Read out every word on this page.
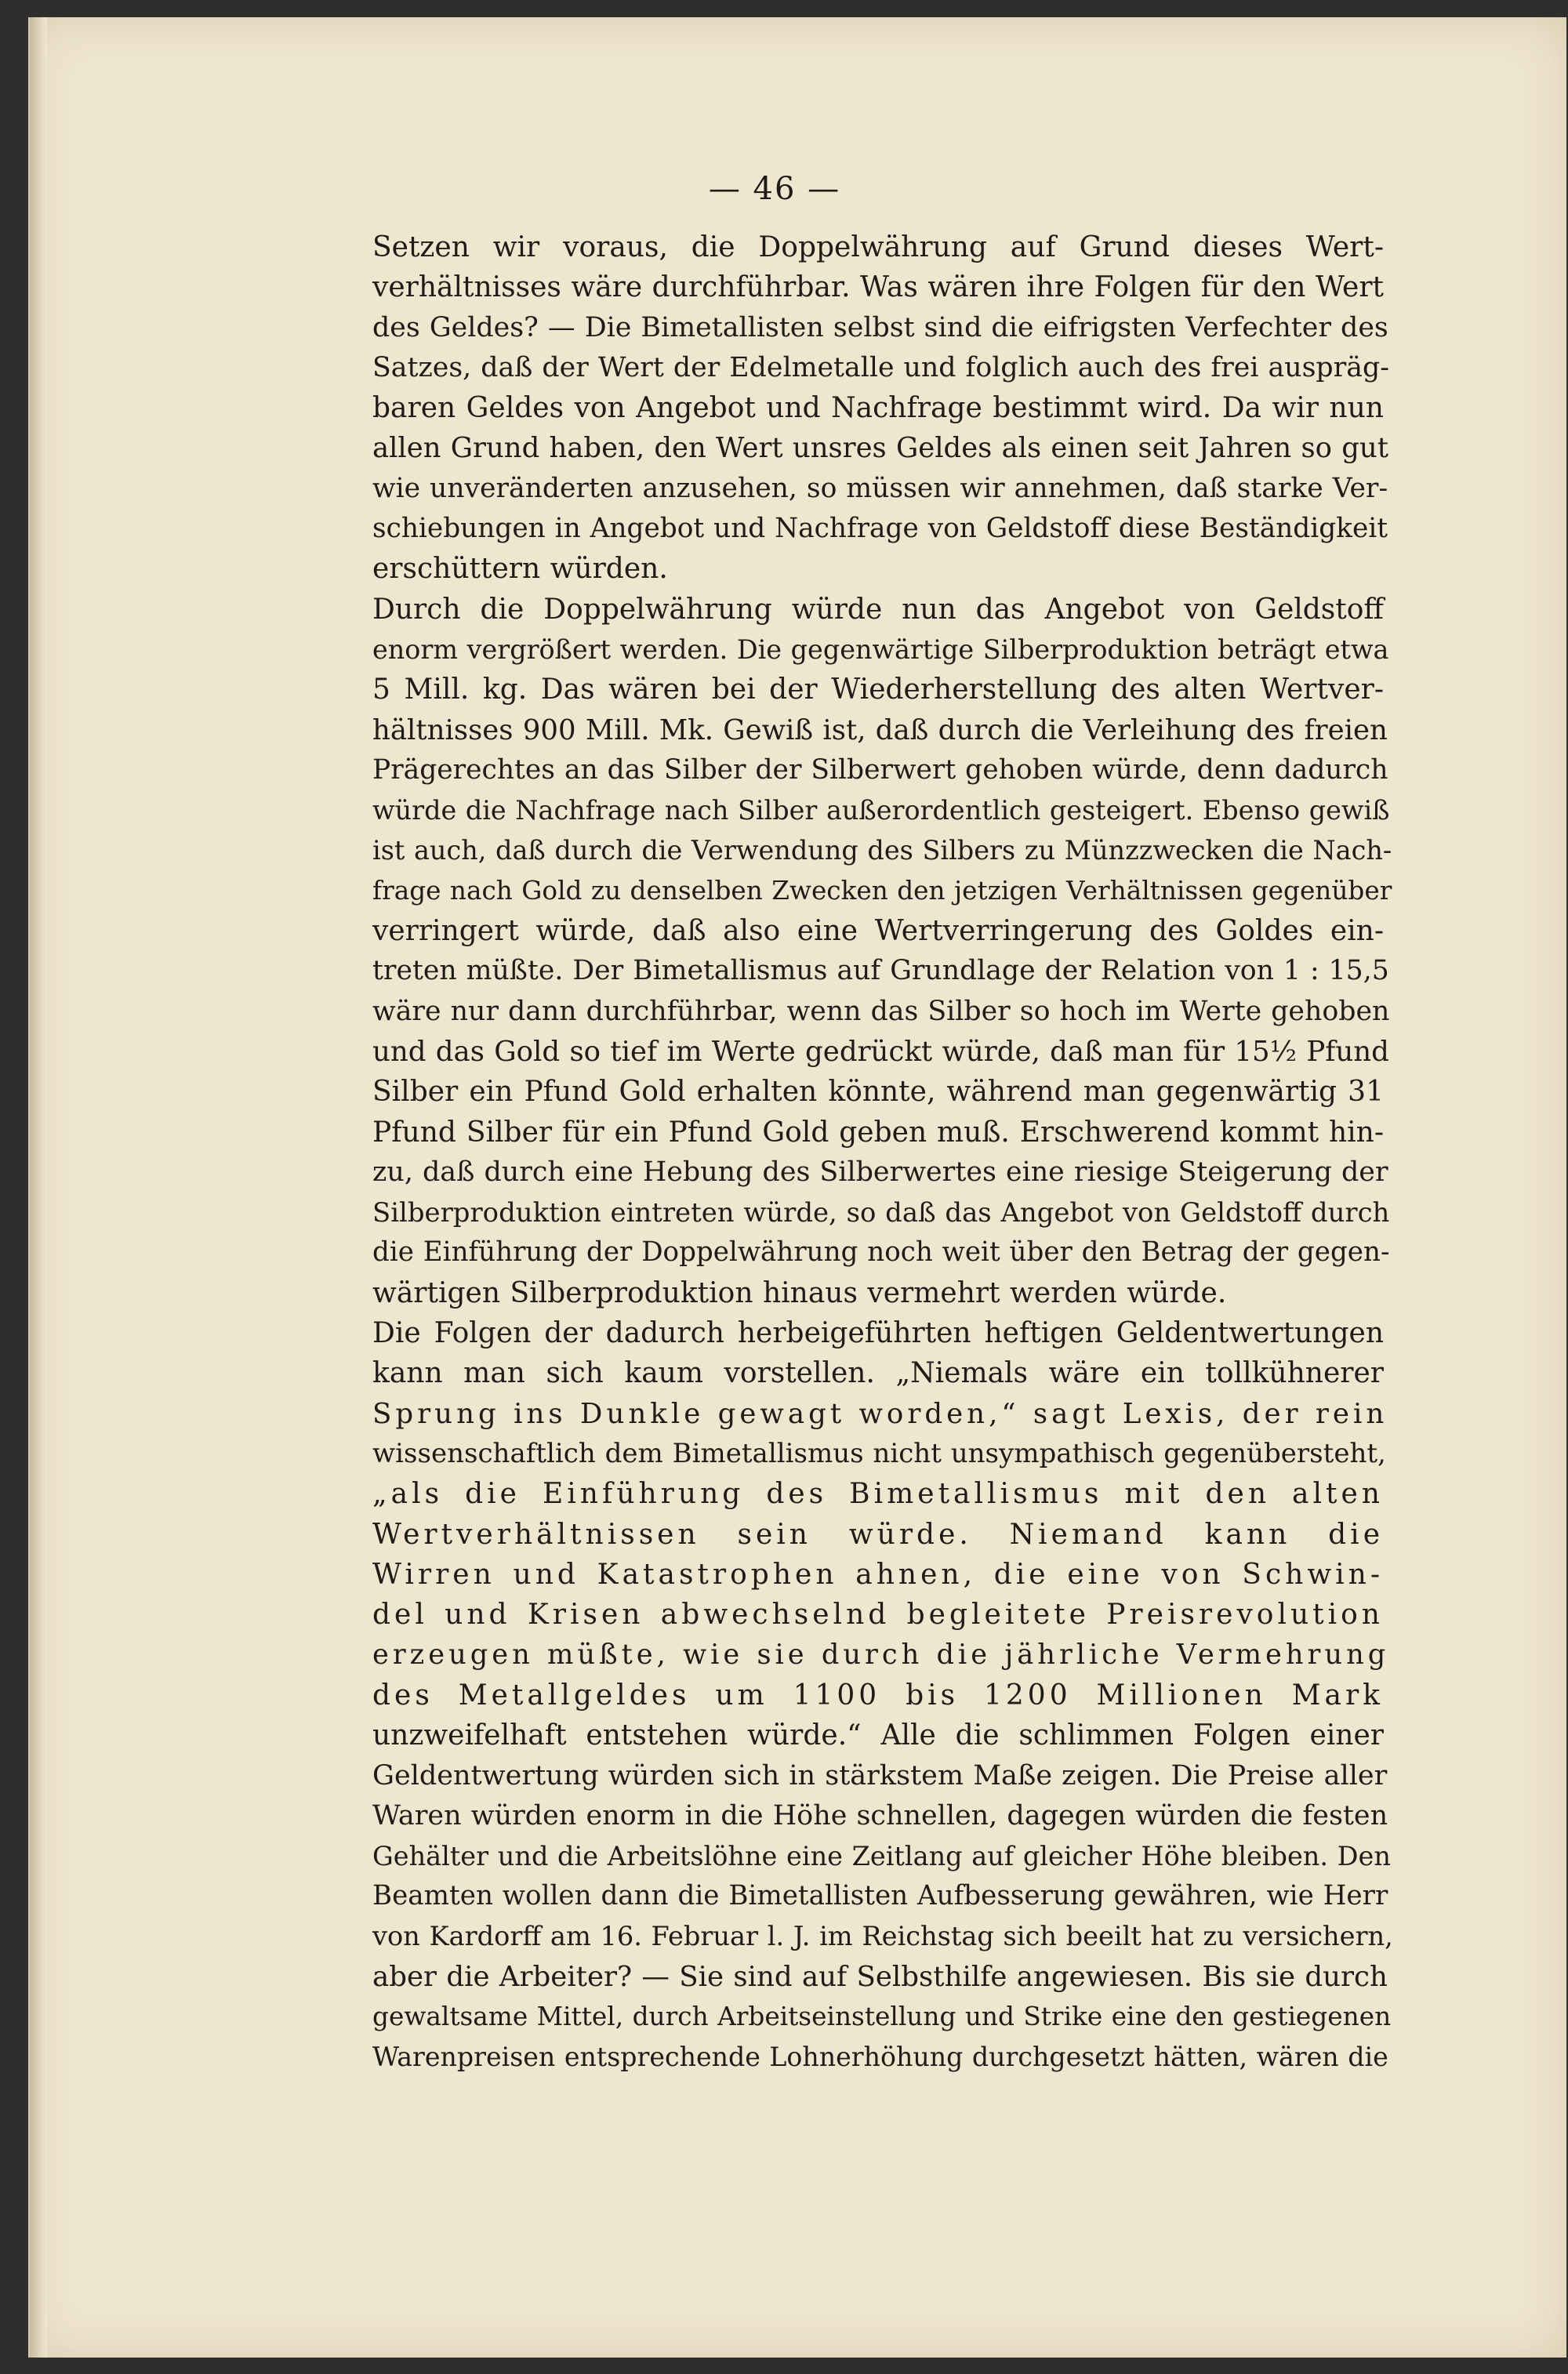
— 46 —

Setzen wir voraus, die Doppelwährung auf Grund dieses Wert-
verhältnisses wäre durchführbar. Was wären ihre Folgen für den Wert
des Geldes? — Die Bimetallisten selbst sind die eifrigsten Verfechter des
Satzes, daß der Wert der Edelmetalle und folglich auch des frei auspräg-
baren Geldes von Angebot und Nachfrage bestimmt wird. Da wir nun
allen Grund haben, den Wert unsres Geldes als einen seit Jahren so gut
wie unveränderten anzusehen, so müssen wir annehmen, daß starke Ver-
schiebungen in Angebot und Nachfrage von Geldstoff diese Beständigkeit
erschüttern würden.

Durch die Doppelwährung würde nun das Angebot von Geldstoff
enorm vergrößert werden. Die gegenwärtige Silberproduktion beträgt etwa
5 Mill. kg. Das wären bei der Wiederherstellung des alten Wertver-
hältnisses 900 Mill. Mk. Gewiß ist, daß durch die Verleihung des freien
Prägerechtes an das Silber der Silberwert gehoben würde, denn dadurch
würde die Nachfrage nach Silber außerordentlich gesteigert. Ebenso gewiß
ist auch, daß durch die Verwendung des Silbers zu Münzzwecken die Nach-
frage nach Gold zu denselben Zwecken den jetzigen Verhältnissen gegenüber
verringert würde, daß also eine Wertverringerung des Goldes ein-
treten müßte. Der Bimetallismus auf Grundlage der Relation von 1 : 15,5
wäre nur dann durchführbar, wenn das Silber so hoch im Werte gehoben
und das Gold so tief im Werte gedrückt würde, daß man für 15½ Pfund
Silber ein Pfund Gold erhalten könnte, während man gegenwärtig 31
Pfund Silber für ein Pfund Gold geben muß. Erschwerend kommt hin-
zu, daß durch eine Hebung des Silberwertes eine riesige Steigerung der
Silberproduktion eintreten würde, so daß das Angebot von Geldstoff durch
die Einführung der Doppelwährung noch weit über den Betrag der gegen-
wärtigen Silberproduktion hinaus vermehrt werden würde.

Die Folgen der dadurch herbeigeführten heftigen Geldentwertungen
kann man sich kaum vorstellen. „Niemals wäre ein tollkühnerer
Sprung ins Dunkle gewagt worden,“ sagt Lexis, der rein
wissenschaftlich dem Bimetallismus nicht unsympathisch gegenübersteht,
„als die Einführung des Bimetallismus mit den alten
Wertverhältnissen sein würde. Niemand kann die
Wirren und Katastrophen ahnen, die eine von Schwin-
del und Krisen abwechselnd begleitete Preisrevolution
erzeugen müßte, wie sie durch die jährliche Vermehrung
des Metallgeldes um 1100 bis 1200 Millionen Mark
unzweifelhaft entstehen würde.“ Alle die schlimmen Folgen einer
Geldentwertung würden sich in stärkstem Maße zeigen. Die Preise aller
Waren würden enorm in die Höhe schnellen, dagegen würden die festen
Gehälter und die Arbeitslöhne eine Zeitlang auf gleicher Höhe bleiben. Den
Beamten wollen dann die Bimetallisten Aufbesserung gewähren, wie Herr
von Kardorff am 16. Februar l. J. im Reichstag sich beeilt hat zu versichern,
aber die Arbeiter? — Sie sind auf Selbsthilfe angewiesen. Bis sie durch
gewaltsame Mittel, durch Arbeitseinstellung und Strike eine den gestiegenen
Warenpreisen entsprechende Lohnerhöhung durchgesetzt hätten, wären die
